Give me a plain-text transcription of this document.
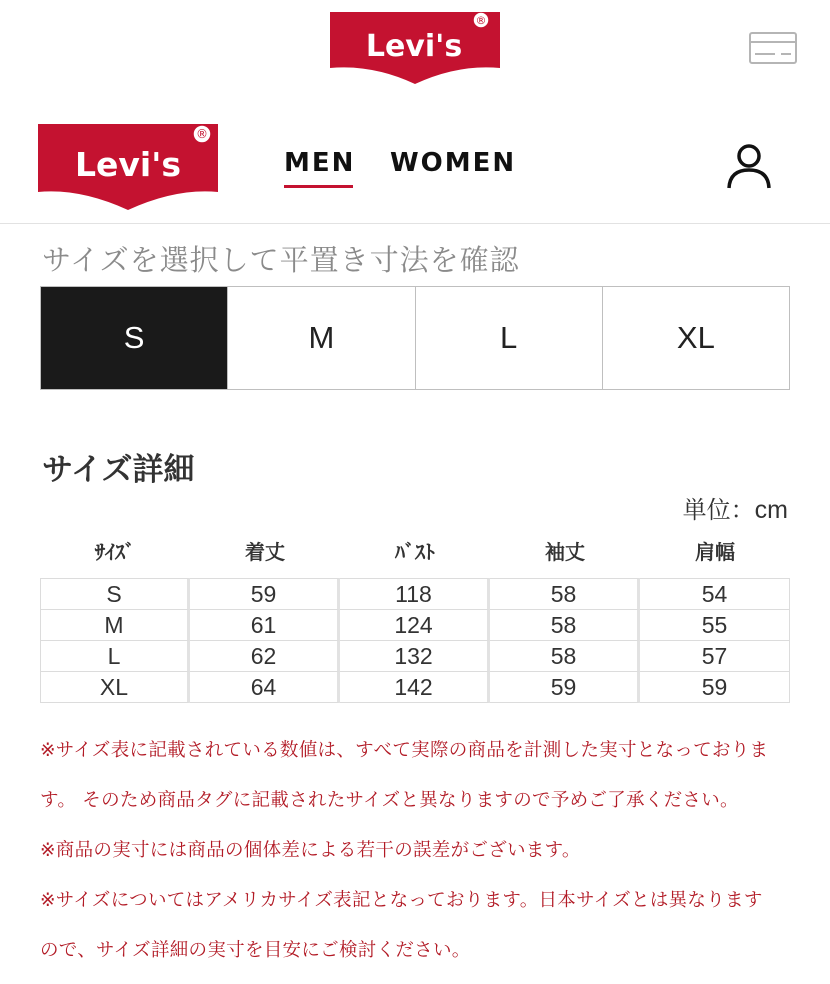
Levi's
®
Levi's
®
MEN WOMEN
サイズを選択して平置き寸法を確認
S	M	L	XL
サイズ詳細
単位：cm
ｻｲｽﾞ	着丈	ﾊﾞｽﾄ	袖丈	肩幅
S	59	118	58	54
M	61	124	58	55
L	62	132	58	57
XL	64	142	59	59
※サイズ表に記載されている数値は、すべて実際の商品を計測した実寸となっておりま
す。 そのため商品タグに記載されたサイズと異なりますので予めご了承ください。
※商品の実寸には商品の個体差による若干の誤差がございます。
※サイズについてはアメリカサイズ表記となっております。日本サイズとは異なります
ので、サイズ詳細の実寸を目安にご検討ください。
